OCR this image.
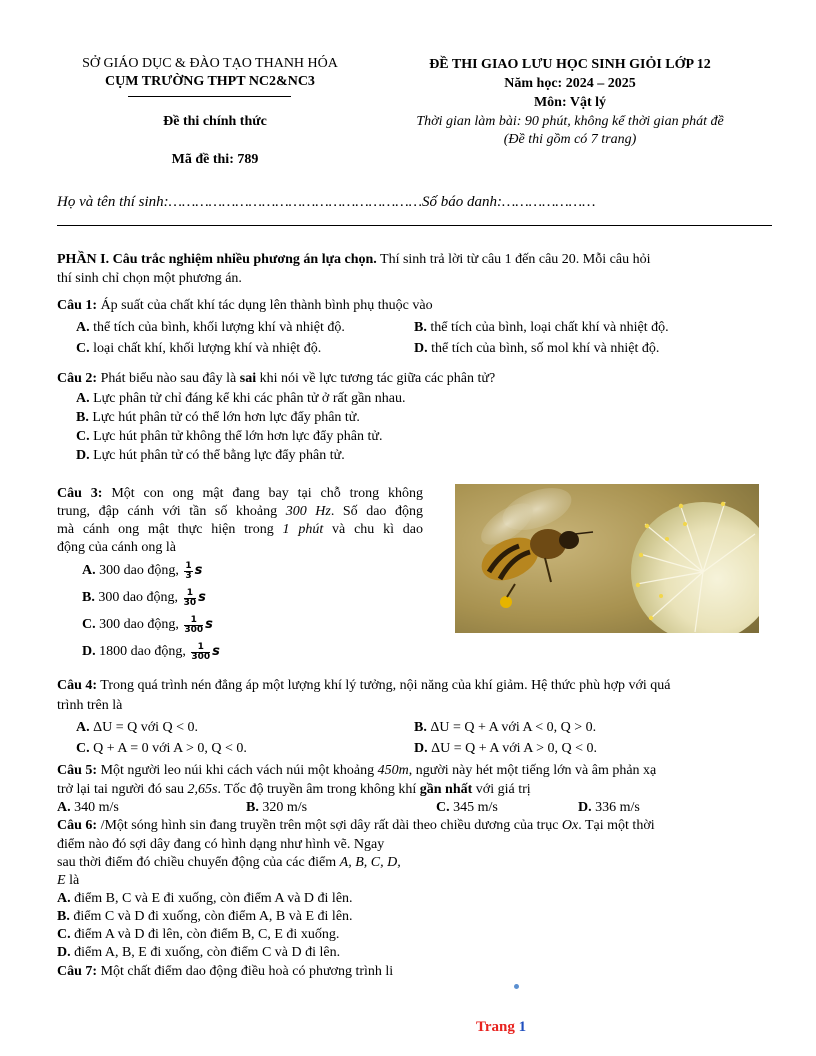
SỞ GIÁO DỤC & ĐÀO TẠO THANH HÓA
CỤM TRƯỜNG THPT NC2&NC3
Đề thi chính thức
Mã đề thi: 789
ĐỀ THI GIAO LƯU HỌC SINH GIỎI LỚP 12
Năm học: 2024 – 2025
Môn: Vật lý
Thời gian làm bài: 90 phút, không kể thời gian phát đề
(Đề thi gồm có 7 trang)
Họ và tên thí sinh:…………………………………………………Số báo danh:…………………
PHẦN I. Câu trắc nghiệm nhiều phương án lựa chọn. Thí sinh trả lời từ câu 1 đến câu 20. Mỗi câu hỏi
thí sinh chỉ chọn một phương án.
Câu 1: Áp suất của chất khí tác dụng lên thành bình phụ thuộc vào
A. thể tích của bình, khối lượng khí và nhiệt độ.	B. thể tích của bình, loại chất khí và nhiệt độ.
C. loại chất khí, khối lượng khí và nhiệt độ.	D. thể tích của bình, số mol khí và nhiệt độ.
Câu 2: Phát biểu nào sau đây là sai khi nói về lực tương tác giữa các phân tử?
A. Lực phân tử chỉ đáng kể khi các phân tử ở rất gần nhau.
B. Lực hút phân tử có thể lớn hơn lực đẩy phân tử.
C. Lực hút phân tử không thể lớn hơn lực đẩy phân tử.
D. Lực hút phân tử có thể bằng lực đẩy phân tử.
Câu 3: Một con ong mật đang bay tại chỗ trong không
trung, đập cánh với tần số khoảng 300 Hz. Số dao động
mà cánh ong mật thực hiện trong 1 phút và chu kì dao
động của cánh ong là
A. 300 dao động, $\frac{1}{3}$ s
B. 300 dao động, $\frac{1}{30}$ s
C. 300 dao động, $\frac{1}{300}$ s
D. 1800 dao động, $\frac{1}{300}$ s
Câu 4: Trong quá trình nén đẳng áp một lượng khí lý tưởng, nội năng của khí giảm. Hệ thức phù hợp với quá
trình trên là
A. ΔU = Q với Q < 0.	B. ΔU = Q + A với A < 0, Q > 0.
C. Q + A = 0 với A > 0, Q < 0.	D. ΔU = Q + A với A > 0, Q < 0.
Câu 5: Một người leo núi khi cách vách núi một khoảng 450m, người này hét một tiếng lớn và âm phản xạ
trở lại tai người đó sau 2,65s. Tốc độ truyền âm trong không khí gần nhất với giá trị
A. 340 m/s	B. 320 m/s	C. 345 m/s	D. 336 m/s
Câu 6: /Một sóng hình sin đang truyền trên một sợi dây rất dài theo chiều dương của trục Ox. Tại một thời
điểm nào đó sợi dây đang có hình dạng như hình vẽ. Ngay
sau thời điểm đó chiều chuyển động của các điểm A, B, C, D,
E là
A. điểm B, C và E đi xuống, còn điểm A và D đi lên.
B. điểm C và D đi xuống, còn điểm A, B và E đi lên.
C. điểm A và D đi lên, còn điểm B, C, E đi xuống.
D. điểm A, B, E đi xuống, còn điểm C và D đi lên.
Câu 7: Một chất điểm dao động điều hoà có phương trình li
Trang 1
